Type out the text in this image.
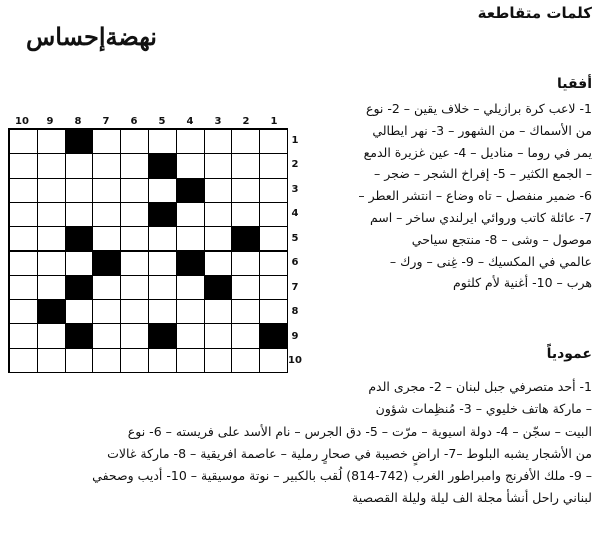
كلمات متقاطعة
نهضةإحساس
10	9	8	7	6	5	4	3	2	1
1
2
3
4
5
6
7
8
9
10
أفقيا
1- لاعب كرة برازيلي – خلاف يقين – 2- نوع
من الأسماك – من الشهور – 3- نهر ايطالي
يمر في روما – مناديل – 4- عين غزيرة الدمع
– الجمع الكثير – 5- إفراخ الشجر – ضجر –
6- ضمير منفصل – تاه وضاع – انتشر العطر –
7- عائلة كاتب وروائي ايرلندي ساخر – اسم
موصول – وشى – 8- منتجع سياحي
عالمي في المكسيك – 9- غِنى – ورك –
هرب – 10- أغنية لأم كلثوم
عمودياً
1- أحد متصرفي جبل لبنان – 2- مجرى الدم
– ماركة هاتف خليوي – 3- مُنظِمات شؤون
البيت – سجّن – 4- دولة اسيوية – مرّت – 5- دق الجرس – نام الأسد على فريسته – 6- نوع
من الأشجار يشبه البلوط –7- اراضٍ خصيبة في صحارٍ رملية – عاصمة افريقية – 8- ماركة غالات
– 9- ملك الأفرنج وامبراطور الغرب (742-814) لُقب بالكبير – نوتة موسيقية – 10- أديب وصحفي
لبناني راحل أنشأ مجلة الف ليلة وليلة القصصية
